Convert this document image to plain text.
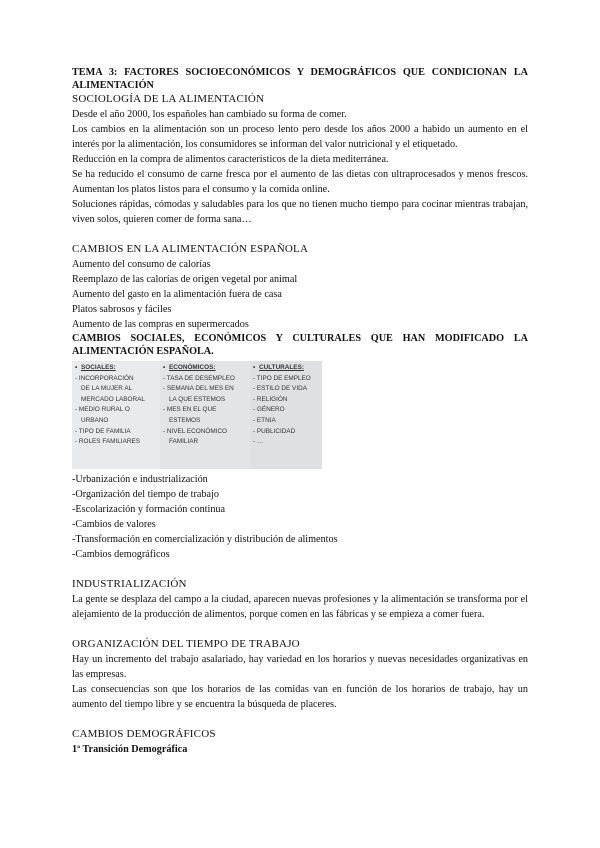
TEMA 3: FACTORES SOCIOECONÓMICOS Y DEMOGRÁFICOS QUE CONDICIONAN LA ALIMENTACIÓN

SOCIOLOGÍA DE LA ALIMENTACIÓN

Desde el año 2000, los españoles han cambiado su forma de comer.

Los cambios en la alimentación son un proceso lento pero desde los años 2000 a habido un aumento en el interés por la alimentación, los consumidores se informan del valor nutricional y el etiquetado.

Reducción en la compra de alimentos característicos de la dieta mediterránea.

Se ha reducido el consumo de carne fresca por el aumento de las dietas con ultraprocesados y menos frescos. Aumentan los platos listos para el consumo y la comida online.

Soluciones rápidas, cómodas y saludables para los que no tienen mucho tiempo para cocinar mientras trabajan, viven solos, quieren comer de forma sana…

CAMBIOS EN LA ALIMENTACIÓN ESPAÑOLA

Aumento del consumo de calorías

Reemplazo de las calorías de origen vegetal por animal

Aumento del gasto en la alimentación fuera de casa

Platos sabrosos y fáciles

Aumento de las compras en supermercados

CAMBIOS SOCIALES, ECONÓMICOS Y CULTURALES QUE HAN MODIFICADO LA ALIMENTACIÓN ESPAÑOLA.

• SOCIALES:
- INCORPORACIÓN
DE LA MUJER AL
MERCADO LABORAL
- MEDIO RURAL O
URBANO
- TIPO DE FAMILIA
- ROLES FAMILIARES
• ECONÓMICOS:
- TASA DE DESEMPLEO
- SEMANA DEL MES EN
LA QUE ESTEMOS
- MES EN EL QUE
ESTEMOS
- NIVEL ECONÓMICO
FAMILIAR
• CULTURALES:
- TIPO DE EMPLEO
- ESTILO DE VIDA
- RELIGIÓN
- GÉNERO
- ETNIA
- PUBLICIDAD
- …

-Urbanización e industrialización

-Organización del tiempo de trabajo

-Escolarización y formación continua

-Cambios de valores

-Transformación en comercialización y distribución de alimentos

-Cambios demográficos

INDUSTRIALIZACIÓN

La gente se desplaza del campo a la ciudad, aparecen nuevas profesiones y la alimentación se transforma por el alejamiento de la producción de alimentos, porque comen en las fábricas y se empieza a comer fuera.

ORGANIZACIÓN DEL TIEMPO DE TRABAJO

Hay un incremento del trabajo asalariado, hay variedad en los horarios y nuevas necesidades organizativas en las empresas.

Las consecuencias son que los horarios de las comidas van en función de los horarios de trabajo, hay un aumento del tiempo libre y se encuentra la búsqueda de placeres.

CAMBIOS DEMOGRÁFICOS

1ª Transición Demográfica
